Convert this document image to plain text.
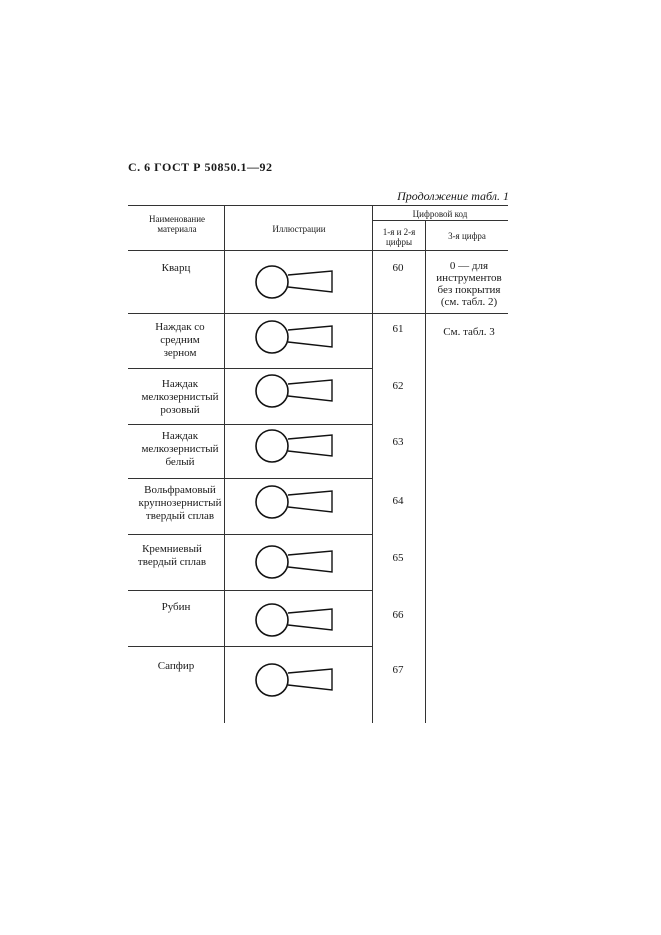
С. 6 ГОСТ Р 50850.1—92
Продолжение табл. 1
Наименование материала	Иллюстрации
Цифровой код
1-я и 2-я цифры
3-я цифра
Кварц
Наждак со средним зерном
Наждак мелкозернистый розовый
Наждак мелкозернистый белый
Вольфрамовый крупнозернистый твердый сплав
Кремниевый твердый сплав
Рубин
Сапфир
60
61
62
63
64
65
66
67
0 — для инструментов без покрытия (см. табл. 2)
См. табл. 3
